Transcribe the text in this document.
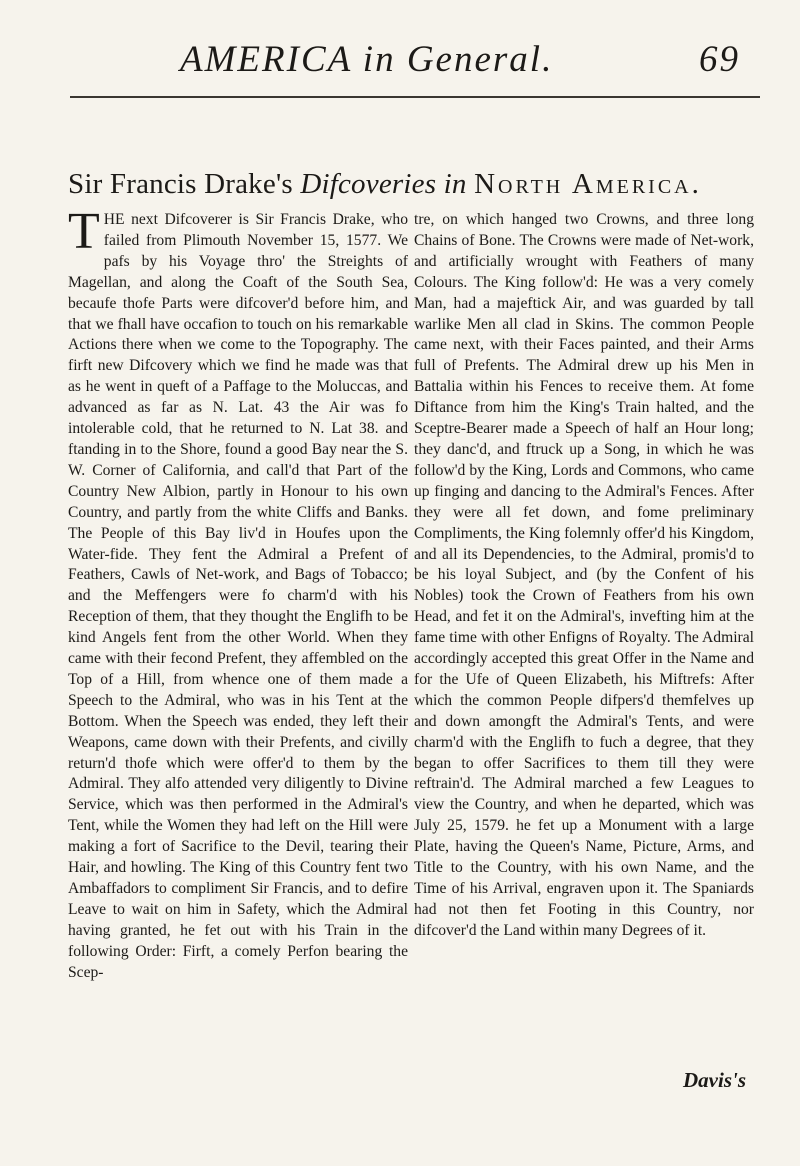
AMERICA in General.	69
Sir Francis Drake's Difcoveries in North America.

THE next Difcoverer is Sir Francis Drake, who failed from Plimouth November 15, 1577. We pafs by his Voyage thro' the Streights of Magellan, and along the Coaft of the South Sea, becaufe thofe Parts were difcover'd before him, and that we fhall have occafion to touch on his remarkable Actions there when we come to the Topography. The firft new Difcovery which we find he made was that as he went in queft of a Paffage to the Moluccas, and advanced as far as N. Lat. 43 the Air was fo intolerable cold, that he returned to N. Lat 38. and ftanding in to the Shore, found a good Bay near the S. W. Corner of California, and call'd that Part of the Country New Albion, partly in Honour to his own Country, and partly from the white Cliffs and Banks. The People of this Bay liv'd in Houfes upon the Water-fide. They fent the Admiral a Prefent of Feathers, Cawls of Net-work, and Bags of Tobacco; and the Meffengers were fo charm'd with his Reception of them, that they thought the Englifh to be kind Angels fent from the other World. When they came with their fecond Prefent, they affembled on the Top of a Hill, from whence one of them made a Speech to the Admiral, who was in his Tent at the Bottom. When the Speech was ended, they left their Weapons, came down with their Prefents, and civilly return'd thofe which were offer'd to them by the Admiral. They alfo attended very diligently to Divine Service, which was then performed in the Admiral's Tent, while the Women they had left on the Hill were making a fort of Sacrifice to the Devil, tearing their Hair, and howling. The King of this Country fent two Ambaffadors to compliment Sir Francis, and to defire Leave to wait on him in Safety, which the Admiral having granted, he fet out with his Train in the following Order: Firft, a comely Perfon bearing the Scep-

tre, on which hanged two Crowns, and three long Chains of Bone. The Crowns were made of Net-work, and artificially wrought with Feathers of many Colours. The King follow'd: He was a very comely Man, had a majeftick Air, and was guarded by tall warlike Men all clad in Skins. The common People came next, with their Faces painted, and their Arms full of Prefents. The Admiral drew up his Men in Battalia within his Fences to receive them. At fome Diftance from him the King's Train halted, and the Sceptre-Bearer made a Speech of half an Hour long; they danc'd, and ftruck up a Song, in which he was follow'd by the King, Lords and Commons, who came up finging and dancing to the Admiral's Fences. After they were all fet down, and fome preliminary Compliments, the King folemnly offer'd his Kingdom, and all its Dependencies, to the Admiral, promis'd to be his loyal Subject, and (by the Confent of his Nobles) took the Crown of Feathers from his own Head, and fet it on the Admiral's, invefting him at the fame time with other Enfigns of Royalty. The Admiral accordingly accepted this great Offer in the Name and for the Ufe of Queen Elizabeth, his Miftrefs: After which the common People difpers'd themfelves up and down amongft the Admiral's Tents, and were charm'd with the Englifh to fuch a degree, that they began to offer Sacrifices to them till they were reftrain'd. The Admiral marched a few Leagues to view the Country, and when he departed, which was July 25, 1579. he fet up a Monument with a large Plate, having the Queen's Name, Picture, Arms, and Title to the Country, with his own Name, and the Time of his Arrival, engraven upon it. The Spaniards had not then fet Footing in this Country, nor difcover'd the Land within many Degrees of it.

Davis's
